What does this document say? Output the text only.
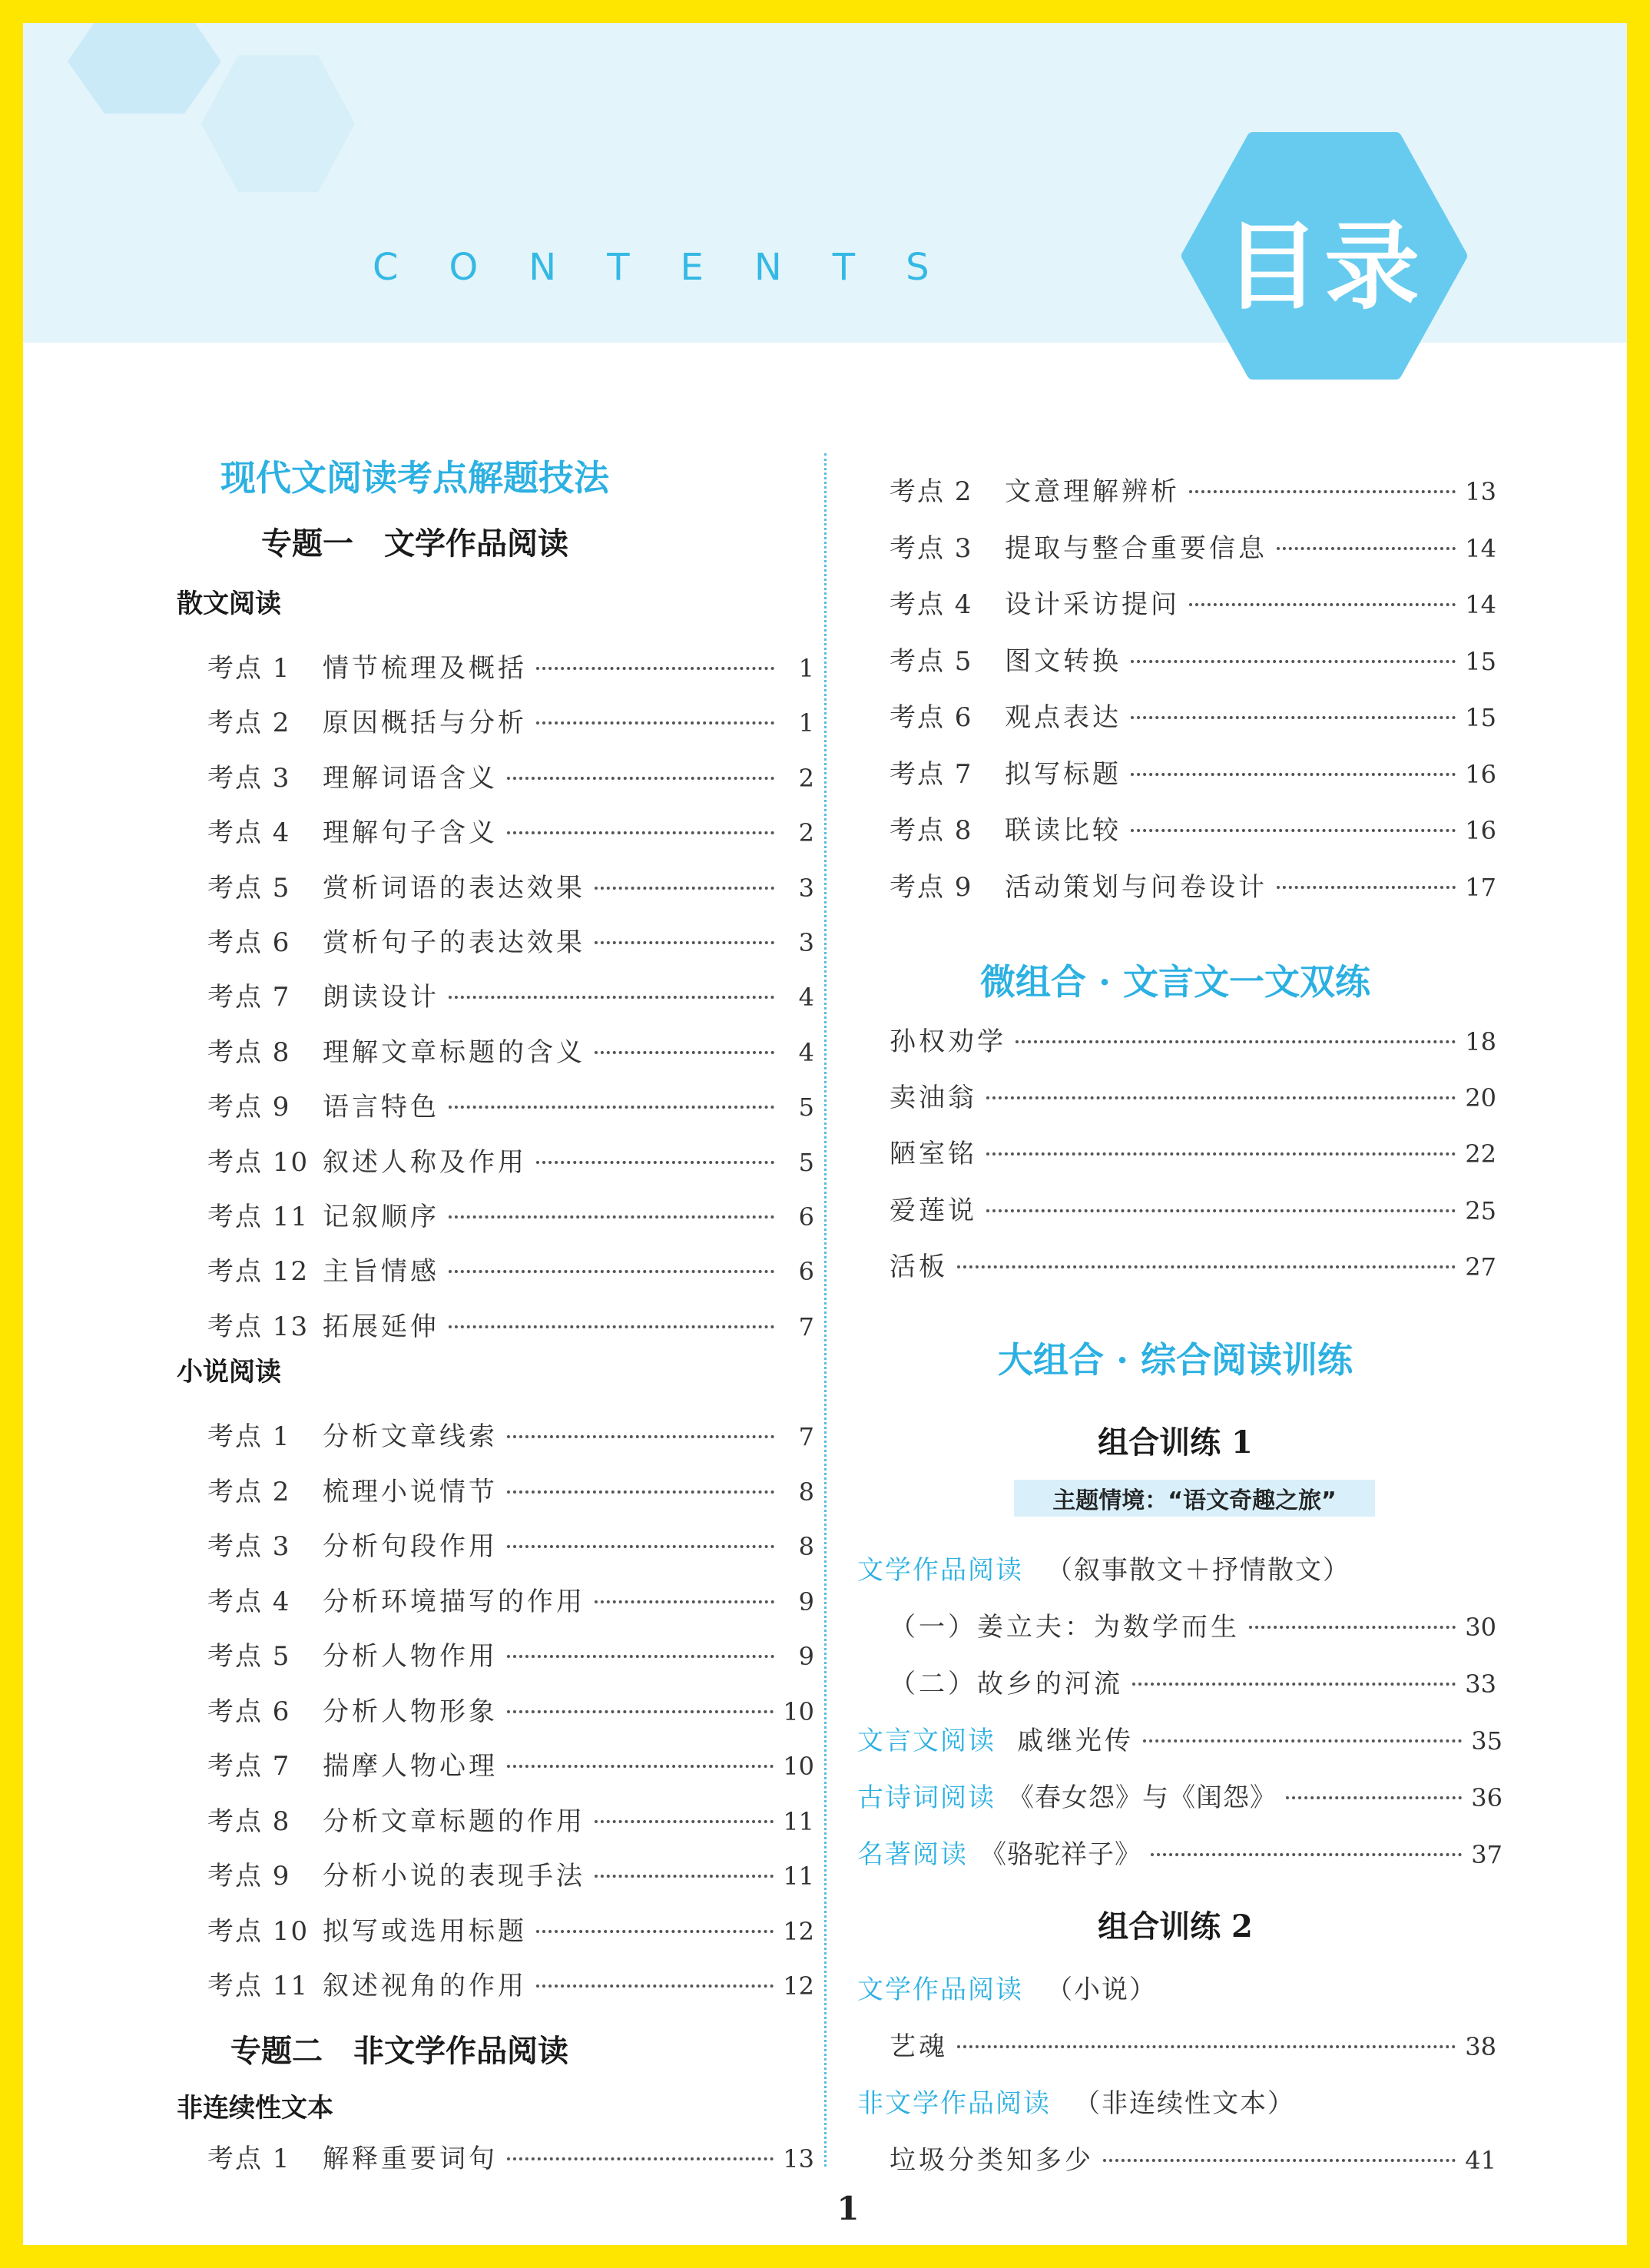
CONTENTS	目录
现代文阅读考点解题技法
专题一　文学作品阅读
散文阅读
考点 1	情节梳理及概括	1
考点 2	原因概括与分析	1
考点 3	理解词语含义	2
考点 4	理解句子含义	2
考点 5	赏析词语的表达效果	3
考点 6	赏析句子的表达效果	3
考点 7	朗读设计	4
考点 8	理解文章标题的含义	4
考点 9	语言特色	5
考点 10 叙述人称及作用	5
考点 11 记叙顺序	6
考点 12 主旨情感	6
考点 13 拓展延伸	7
小说阅读
考点 1	分析文章线索	7
考点 2	梳理小说情节	8
考点 3	分析句段作用	8
考点 4	分析环境描写的作用	9
考点 5	分析人物作用	9
考点 6	分析人物形象	10
考点 7	揣摩人物心理	10
考点 8	分析文章标题的作用	11
考点 9	分析小说的表现手法	11
考点 10 拟写或选用标题	12
考点 11 叙述视角的作用	12
专题二　非文学作品阅读
非连续性文本
考点 1	解释重要词句	13
考点 2	文意理解辨析	13
考点 3	提取与整合重要信息	14
考点 4	设计采访提问	14
考点 5	图文转换	15
考点 6	观点表达	15
考点 7	拟写标题	16
考点 8	联读比较	16
考点 9	活动策划与问卷设计	17
微组合 · 文言文一文双练
孙权劝学	18
卖油翁	20
陋室铭	22
爱莲说	25
活板	27
大组合 · 综合阅读训练
组合训练 1
主题情境：“语文奇趣之旅”
文学作品阅读 （叙事散文＋抒情散文）
（一）姜立夫：为数学而生	30
（二）故乡的河流	33
文言文阅读 戚继光传	35
古诗词阅读 《春女怨》与《闺怨》	36
名著阅读 《骆驼祥子》	37
组合训练 2
文学作品阅读 （小说）
艺魂	38
非文学作品阅读 （非连续性文本）
垃圾分类知多少	41
1
